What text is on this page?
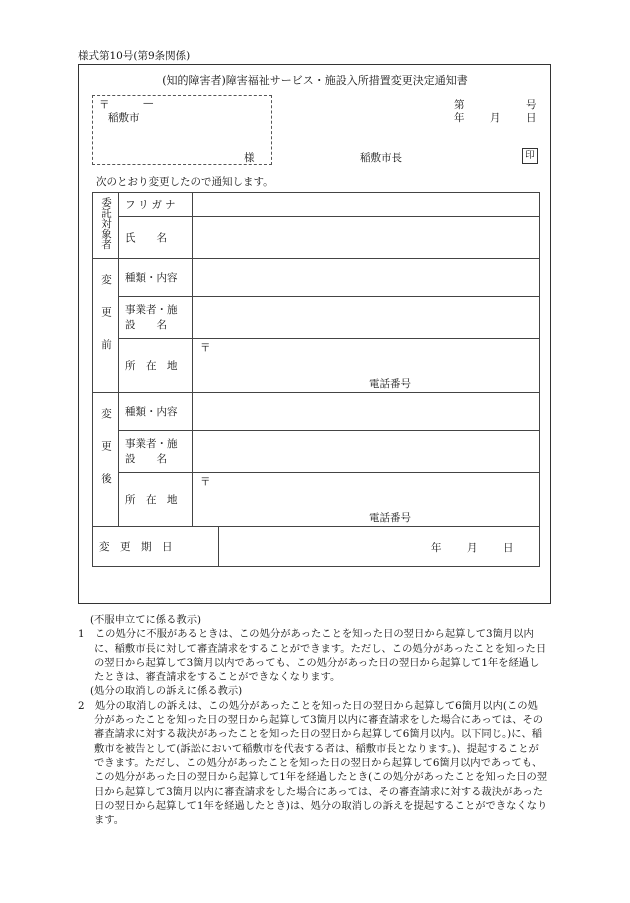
様式第10号(第9条関係)
(知的障害者)障害福祉サービス・施設入所措置変更決定通知書
〒	—
稲敷市
様
第	号
年 月 日
稲敷市長	印
次のとおり変更したので通知します。
委託対象者	フリガナ		
	氏　　名		
変更前	種類・内容		
	事業者・施
設　　名		
	所　在　地	〒
電話番号	

変更後	種類・内容		
	事業者・施
設　　名		
	所　在　地	〒
電話番号	

変　更　期　日			年 月 日

(不服申立てに係る教示)

1　 この処分に不服があるときは、この処分があったことを知った日の翌日から起算して3箇月以内に、稲敷市長に対して審査請求をすることができます。ただし、この処分があったことを知った日の翌日から起算して3箇月以内であっても、この処分があった日の翌日から起算して1年を経過したときは、審査請求をすることができなくなります。

(処分の取消しの訴えに係る教示)

2　 処分の取消しの訴えは、この処分があったことを知った日の翌日から起算して6箇月以内(この処分があったことを知った日の翌日から起算して3箇月以内に審査請求をした場合にあっては、その審査請求に対する裁決があったことを知った日の翌日から起算して6箇月以内。以下同じ。)に、稲敷市を被告として(訴訟において稲敷市を代表する者は、稲敷市長となります。)、提起することができます。ただし、この処分があったことを知った日の翌日から起算して6箇月以内であっても、この処分があった日の翌日から起算して1年を経過したとき(この処分があったことを知った日の翌日から起算して3箇月以内に審査請求をした場合にあっては、その審査請求に対する裁決があった日の翌日から起算して1年を経過したとき)は、処分の取消しの訴えを提起することができなくなります。
